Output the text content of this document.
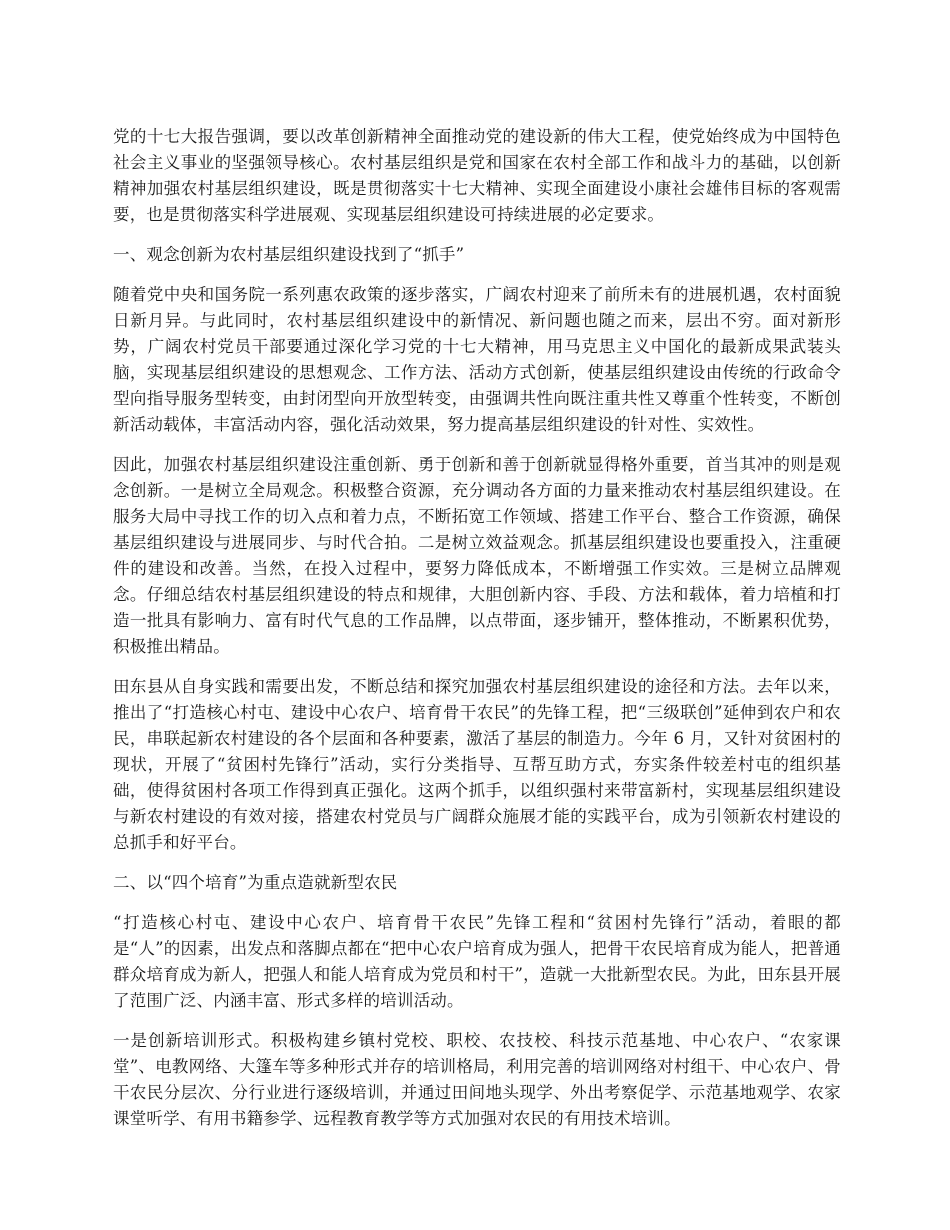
党的十七大报告强调，要以改革创新精神全面推动党的建设新的伟大工程，使党始终成为中国特色社会主义事业的坚强领导核心。农村基层组织是党和国家在农村全部工作和战斗力的基础，以创新精神加强农村基层组织建设，既是贯彻落实十七大精神、实现全面建设小康社会雄伟目标的客观需要，也是贯彻落实科学进展观、实现基层组织建设可持续进展的必定要求。

一、观念创新为农村基层组织建设找到了“抓手”

随着党中央和国务院一系列惠农政策的逐步落实，广阔农村迎来了前所未有的进展机遇，农村面貌日新月异。与此同时，农村基层组织建设中的新情况、新问题也随之而来，层出不穷。面对新形势，广阔农村党员干部要通过深化学习党的十七大精神，用马克思主义中国化的最新成果武装头脑，实现基层组织建设的思想观念、工作方法、活动方式创新，使基层组织建设由传统的行政命令型向指导服务型转变，由封闭型向开放型转变，由强调共性向既注重共性又尊重个性转变，不断创新活动载体，丰富活动内容，强化活动效果，努力提高基层组织建设的针对性、实效性。

因此，加强农村基层组织建设注重创新、勇于创新和善于创新就显得格外重要，首当其冲的则是观念创新。一是树立全局观念。积极整合资源，充分调动各方面的力量来推动农村基层组织建设。在服务大局中寻找工作的切入点和着力点，不断拓宽工作领域、搭建工作平台、整合工作资源，确保基层组织建设与进展同步、与时代合拍。二是树立效益观念。抓基层组织建设也要重投入，注重硬件的建设和改善。当然，在投入过程中，要努力降低成本，不断增强工作实效。三是树立品牌观念。仔细总结农村基层组织建设的特点和规律，大胆创新内容、手段、方法和载体，着力培植和打造一批具有影响力、富有时代气息的工作品牌，以点带面，逐步铺开，整体推动，不断累积优势，积极推出精品。

田东县从自身实践和需要出发，不断总结和探究加强农村基层组织建设的途径和方法。去年以来，推出了“打造核心村屯、建设中心农户、培育骨干农民”的先锋工程，把“三级联创”延伸到农户和农民，串联起新农村建设的各个层面和各种要素，激活了基层的制造力。今年 6 月，又针对贫困村的现状，开展了“贫困村先锋行”活动，实行分类指导、互帮互助方式，夯实条件较差村屯的组织基础，使得贫困村各项工作得到真正强化。这两个抓手，以组织强村来带富新村，实现基层组织建设与新农村建设的有效对接，搭建农村党员与广阔群众施展才能的实践平台，成为引领新农村建设的总抓手和好平台。

二、以“四个培育”为重点造就新型农民

“打造核心村屯、建设中心农户、培育骨干农民”先锋工程和“贫困村先锋行”活动，着眼的都是“人”的因素，出发点和落脚点都在“把中心农户培育成为强人，把骨干农民培育成为能人，把普通群众培育成为新人，把强人和能人培育成为党员和村干”，造就一大批新型农民。为此，田东县开展了范围广泛、内涵丰富、形式多样的培训活动。

一是创新培训形式。积极构建乡镇村党校、职校、农技校、科技示范基地、中心农户、“农家课堂”、电教网络、大篷车等多种形式并存的培训格局，利用完善的培训网络对村组干、中心农户、骨干农民分层次、分行业进行逐级培训，并通过田间地头现学、外出考察促学、示范基地观学、农家课堂听学、有用书籍参学、远程教育教学等方式加强对农民的有用技术培训。
